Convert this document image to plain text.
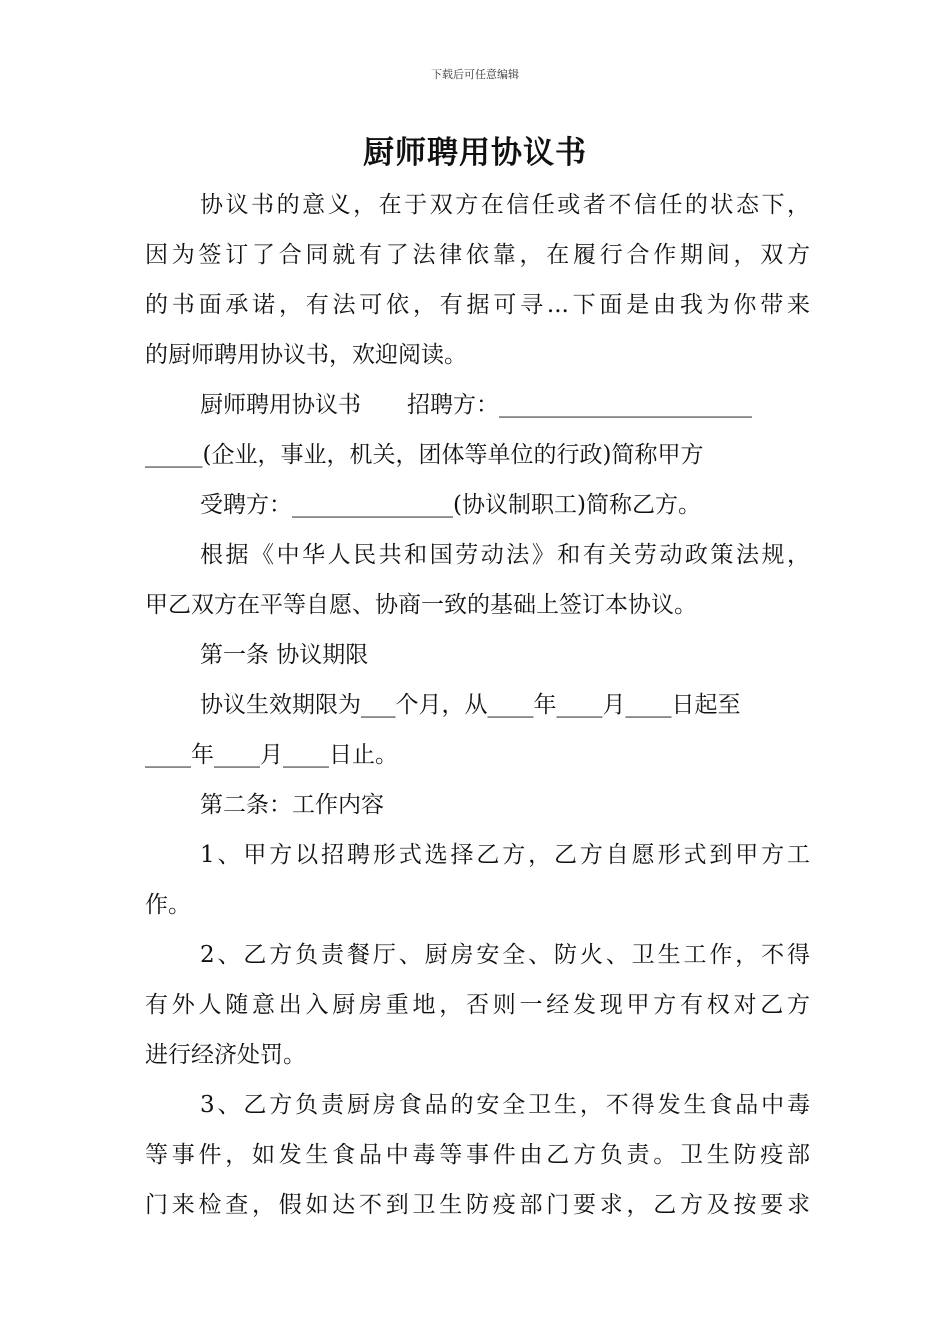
下载后可任意编辑
厨师聘用协议书
协议书的意义，在于双方在信任或者不信任的状态下，
因为签订了合同就有了法律依靠，在履行合作期间，双方
的书面承诺，有法可依，有据可寻...下面是由我为你带来
的厨师聘用协议书，欢迎阅读。
厨师聘用协议书　　招聘方：______________________
_____(企业，事业，机关，团体等单位的行政)简称甲方
受聘方：______________(协议制职工)简称乙方。
根据《中华人民共和国劳动法》和有关劳动政策法规，
甲乙双方在平等自愿、协商一致的基础上签订本协议。
第一条 协议期限
协议生效期限为___个月，从____年____月____日起至
____年____月____日止。
第二条：工作内容
1、甲方以招聘形式选择乙方，乙方自愿形式到甲方工
作。
2、乙方负责餐厅、厨房安全、防火、卫生工作，不得
有外人随意出入厨房重地，否则一经发现甲方有权对乙方
进行经济处罚。
3、乙方负责厨房食品的安全卫生，不得发生食品中毒
等事件，如发生食品中毒等事件由乙方负责。卫生防疫部
门来检查，假如达不到卫生防疫部门要求，乙方及按要求
